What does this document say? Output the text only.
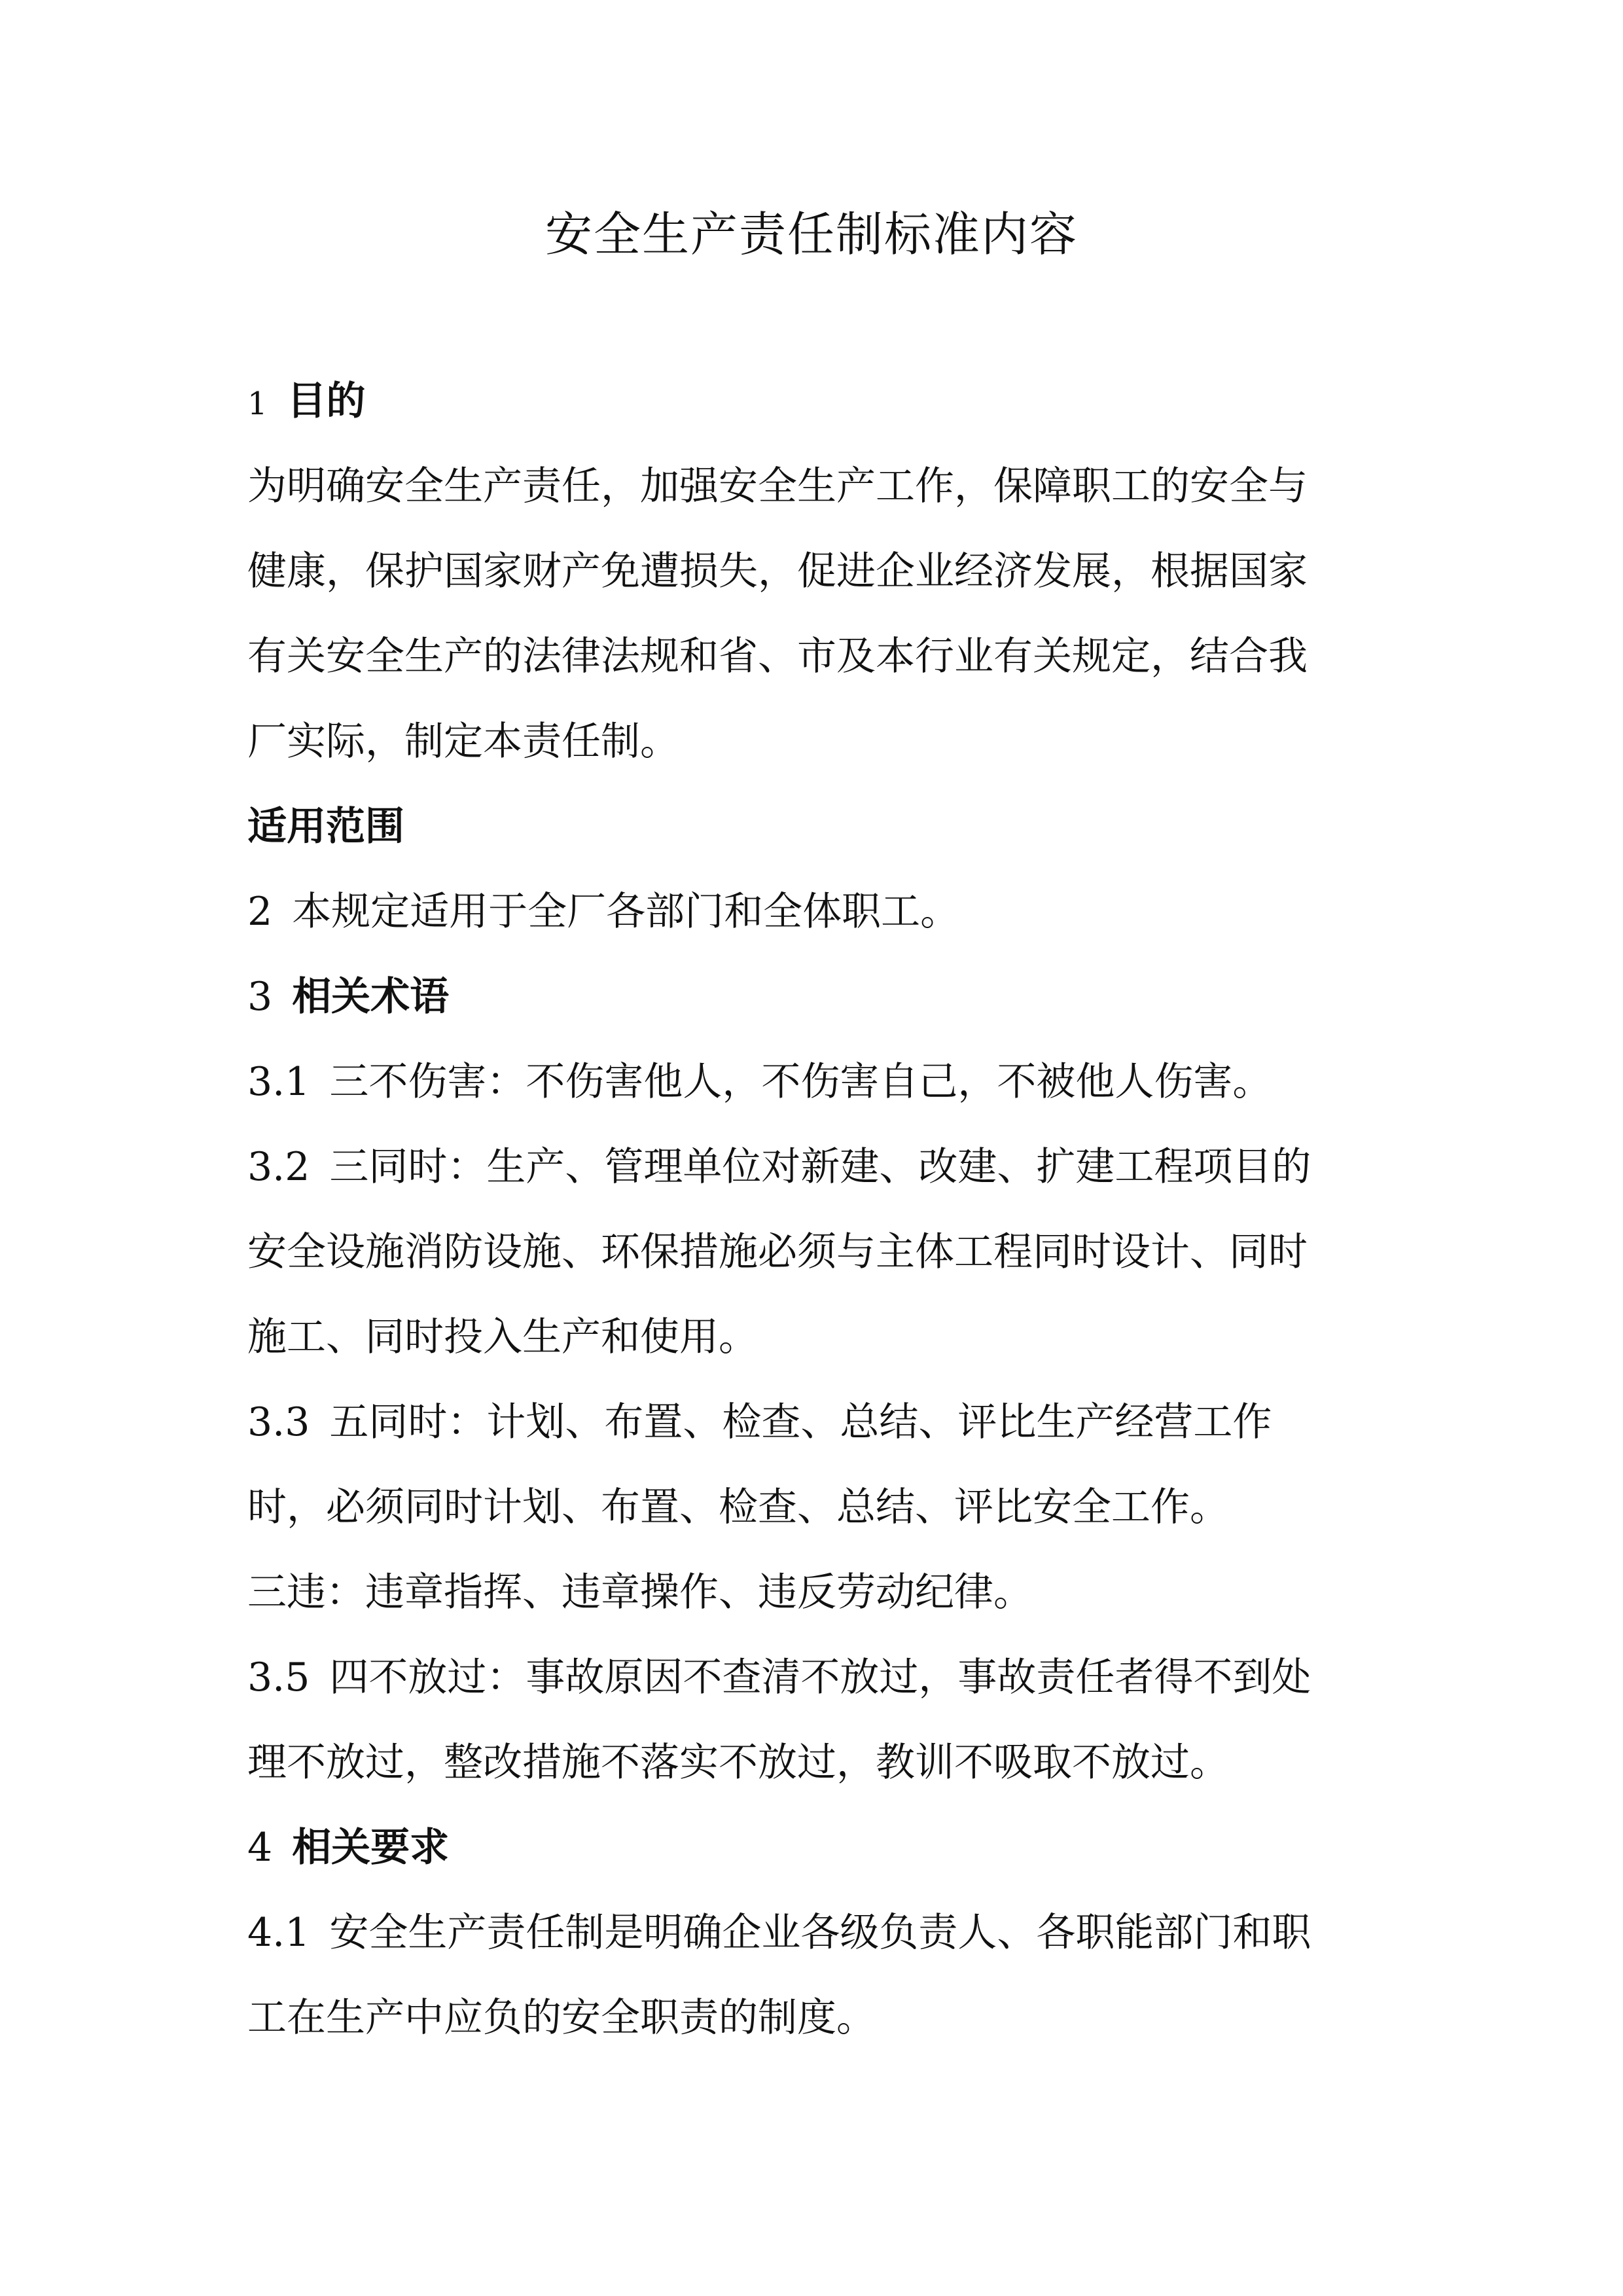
安全生产责任制标准内容
1  目的
为明确安全生产责任，加强安全生产工作，保障职工的安全与
健康，保护国家财产免遭损失，促进企业经济发展，根据国家
有关安全生产的法律法规和省、市及本行业有关规定，结合我
厂实际，制定本责任制。
适用范围
2  本规定适用于全厂各部门和全体职工。
3  相关术语
3.1  三不伤害：不伤害他人，不伤害自己，不被他人伤害。
3.2  三同时：生产、管理单位对新建、改建、扩建工程项目的
安全设施消防设施、环保措施必须与主体工程同时设计、同时
施工、同时投入生产和使用。
3.3  五同时：计划、布置、检查、总结、评比生产经营工作
时，必须同时计划、布置、检查、总结、评比安全工作。
三违：违章指挥、违章操作、违反劳动纪律。
3.5  四不放过：事故原因不查清不放过，事故责任者得不到处
理不放过，整改措施不落实不放过，教训不吸取不放过。
4  相关要求
4.1  安全生产责任制是明确企业各级负责人、各职能部门和职
工在生产中应负的安全职责的制度。
